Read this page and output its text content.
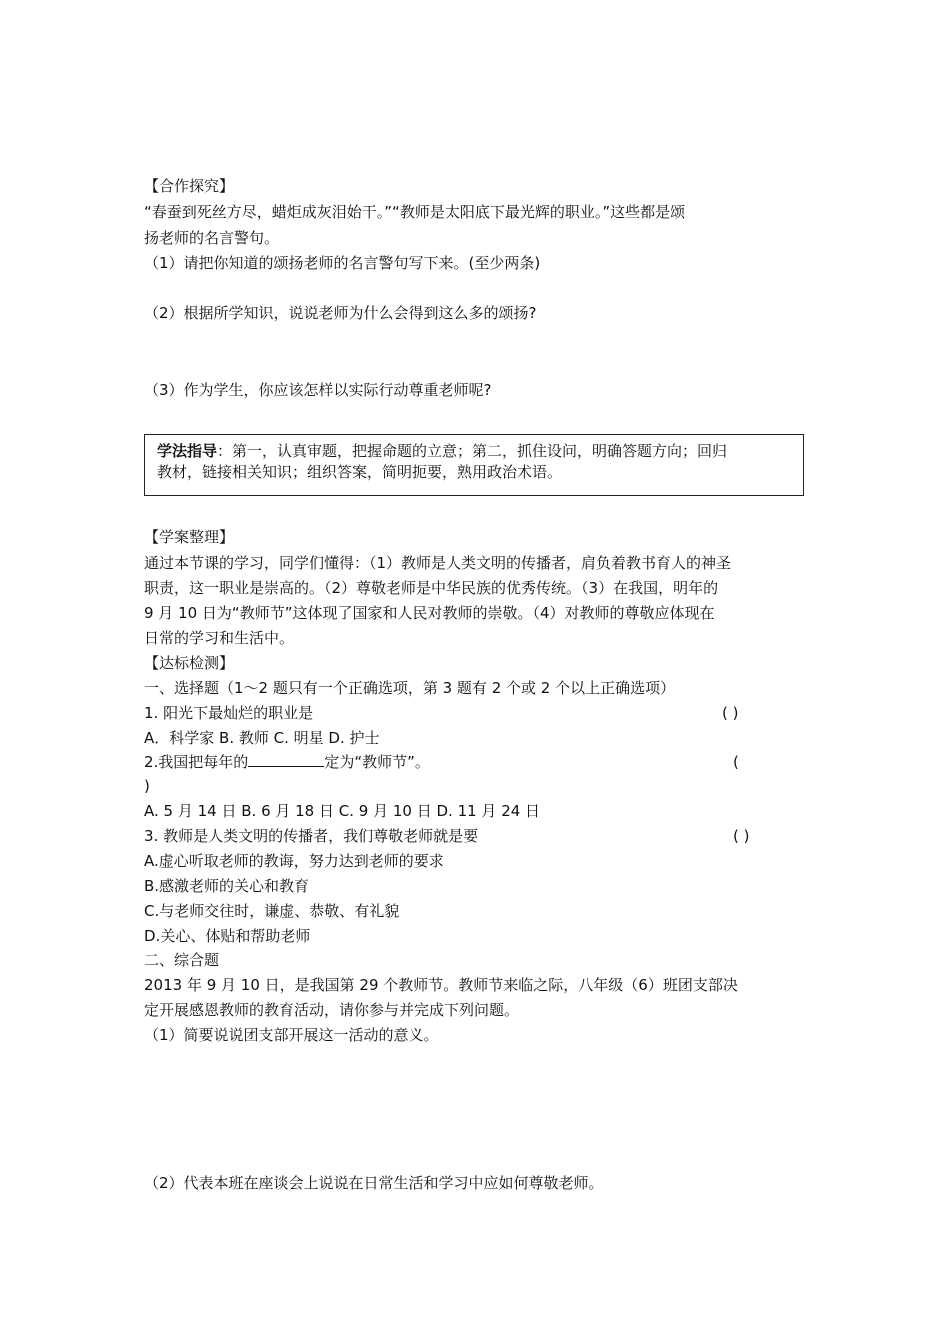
【合作探究】
“春蚕到死丝方尽，蜡炬成灰泪始干。”“教师是太阳底下最光辉的职业。”这些都是颂
扬老师的名言警句。
（1）请把你知道的颂扬老师的名言警句写下来。(至少两条)
（2）根据所学知识，说说老师为什么会得到这么多的颂扬?
（3）作为学生，你应该怎样以实际行动尊重老师呢?
学法指导：第一，认真审题，把握命题的立意；第二，抓住设问，明确答题方向；回归
教材，链接相关知识；组织答案，简明扼要，熟用政治术语。
【学案整理】
通过本节课的学习，同学们懂得：（1）教师是人类文明的传播者，肩负着教书育人的神圣
职责，这一职业是崇高的。（2）尊敬老师是中华民族的优秀传统。（3）在我国，明年的
9 月 10 日为“教师节”这体现了国家和人民对教师的崇敬。（4）对教师的尊敬应体现在
日常的学习和生活中。
【达标检测】
一、选择题（1～2 题只有一个正确选项，第 3 题有 2 个或 2 个以上正确选项）
1. 阳光下最灿烂的职业是	( )
A．科学家 B. 教师 C. 明星 D. 护士
2.我国把每年的	定为“教师节”。	(
)
A. 5 月 14 日 B. 6 月 18 日 C. 9 月 10 日 D. 11 月 24 日
3. 教师是人类文明的传播者，我们尊敬老师就是要	( )
A.虚心听取老师的教诲，努力达到老师的要求
B.感激老师的关心和教育
C.与老师交往时，谦虚、恭敬、有礼貌
D.关心、体贴和帮助老师
二、综合题
2013 年 9 月 10 日，是我国第 29 个教师节。教师节来临之际，八年级（6）班团支部决
定开展感恩教师的教育活动，请你参与并完成下列问题。
（1）简要说说团支部开展这一活动的意义。
（2）代表本班在座谈会上说说在日常生活和学习中应如何尊敬老师。
